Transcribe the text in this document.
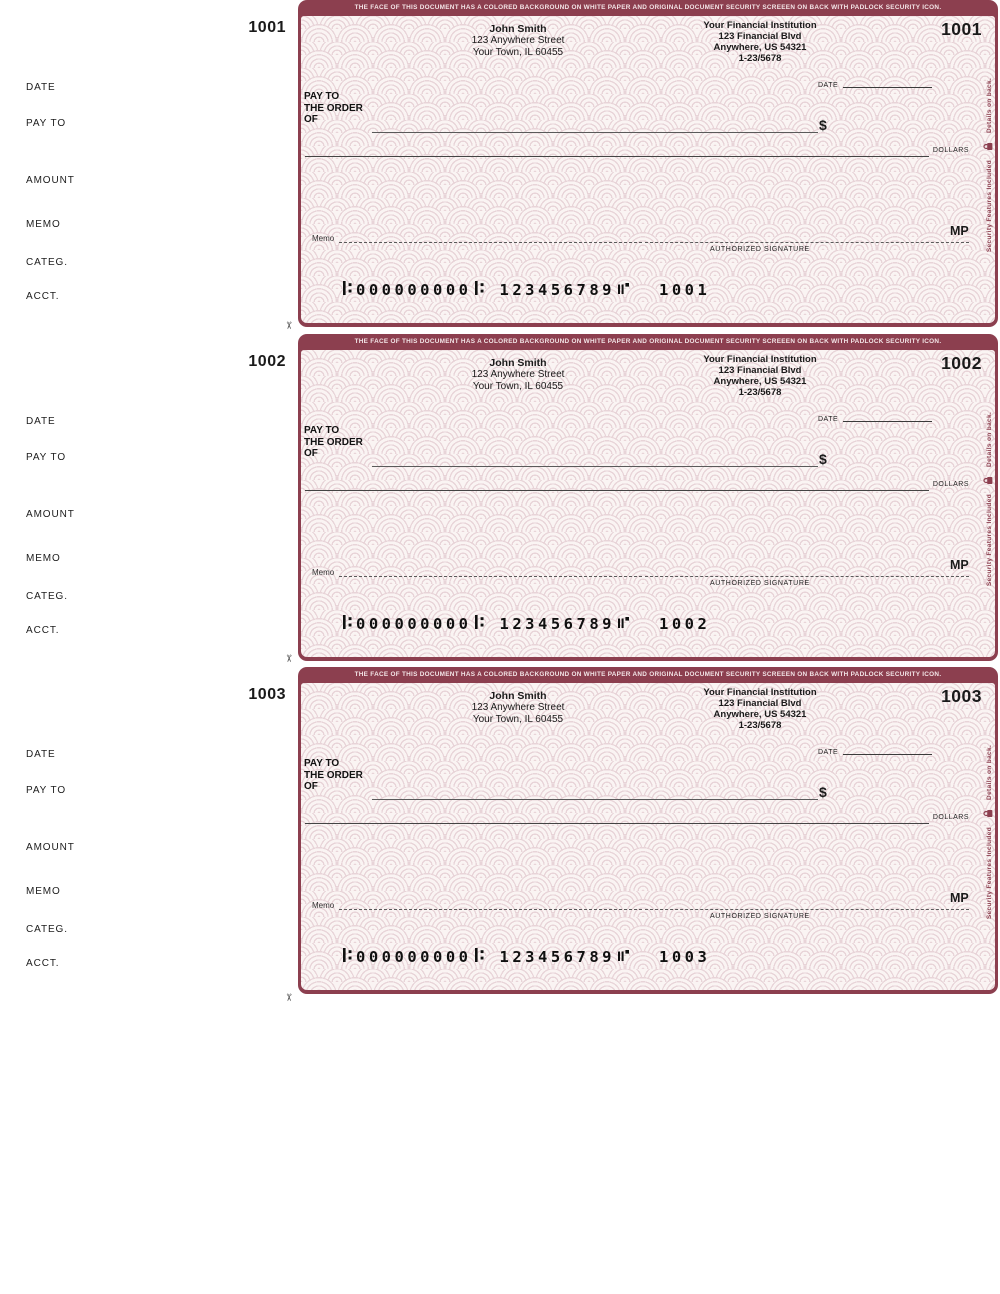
1001
DATE
PAY TO
AMOUNT
MEMO
CATEG.
ACCT.
THE FACE OF THIS DOCUMENT HAS A COLORED BACKGROUND ON WHITE PAPER AND ORIGINAL DOCUMENT SECURITY SCREEEN ON BACK WITH PADLOCK SECURITY ICON.
John Smith
123 Anywhere Street
Your Town, IL 60455
Your Financial Institution
123 Financial Blvd
Anywhere, US 54321
1-23/5678
1001
DATE
PAY TO
THE ORDER
OF	$
DOLLARS
Memo
AUTHORIZED SIGNATURE
MP
000000000 123456789	1001
Security Features Included
Details on back.
1002
DATE
PAY TO
AMOUNT
MEMO
CATEG.
ACCT.
THE FACE OF THIS DOCUMENT HAS A COLORED BACKGROUND ON WHITE PAPER AND ORIGINAL DOCUMENT SECURITY SCREEEN ON BACK WITH PADLOCK SECURITY ICON.
John Smith
123 Anywhere Street
Your Town, IL 60455
Your Financial Institution
123 Financial Blvd
Anywhere, US 54321
1-23/5678
1002
DATE
PAY TO
THE ORDER
OF	$
DOLLARS
Memo
AUTHORIZED SIGNATURE
MP
000000000 123456789	1002
Security Features Included
Details on back.
1003
DATE
PAY TO
AMOUNT
MEMO
CATEG.
ACCT.
THE FACE OF THIS DOCUMENT HAS A COLORED BACKGROUND ON WHITE PAPER AND ORIGINAL DOCUMENT SECURITY SCREEEN ON BACK WITH PADLOCK SECURITY ICON.
John Smith
123 Anywhere Street
Your Town, IL 60455
Your Financial Institution
123 Financial Blvd
Anywhere, US 54321
1-23/5678
1003
DATE
PAY TO
THE ORDER
OF	$
DOLLARS
Memo
AUTHORIZED SIGNATURE
MP
000000000 123456789	1003
Security Features Included
Details on back.
✂
✂
✂
